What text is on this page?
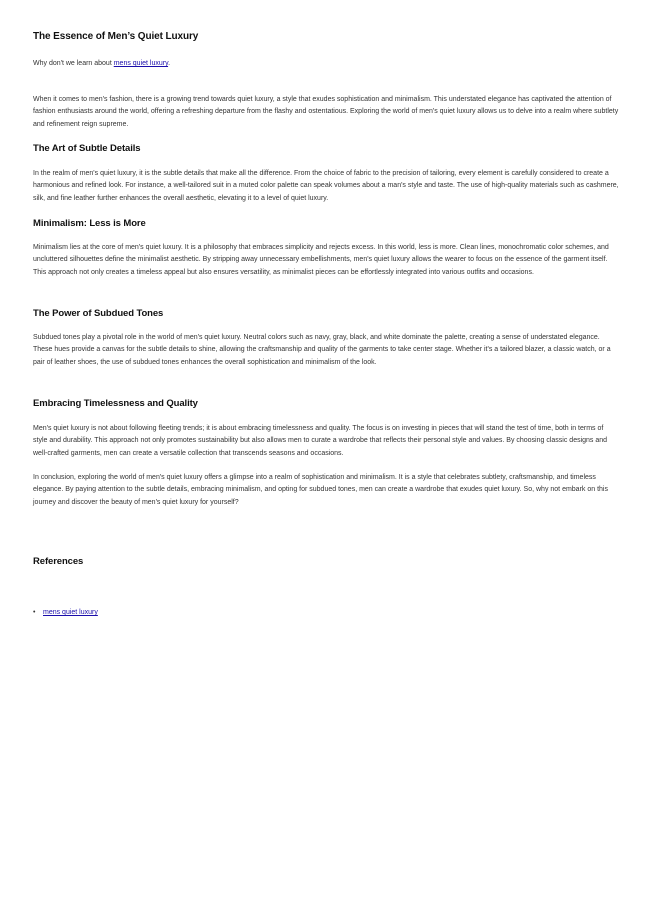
The Essence of Men’s Quiet Luxury

Why don't we learn about mens quiet luxury.

When it comes to men's fashion, there is a growing trend towards quiet luxury, a style that exudes sophistication and minimalism. This understated elegance has captivated the attention of fashion enthusiasts around the world, offering a refreshing departure from the flashy and ostentatious. Exploring the world of men's quiet luxury allows us to delve into a realm where subtlety and refinement reign supreme.

The Art of Subtle Details

In the realm of men's quiet luxury, it is the subtle details that make all the difference. From the choice of fabric to the precision of tailoring, every element is carefully considered to create a harmonious and refined look. For instance, a well-tailored suit in a muted color palette can speak volumes about a man's style and taste. The use of high-quality materials such as cashmere, silk, and fine leather further enhances the overall aesthetic, elevating it to a level of quiet luxury.

Minimalism: Less is More

Minimalism lies at the core of men's quiet luxury. It is a philosophy that embraces simplicity and rejects excess. In this world, less is more. Clean lines, monochromatic color schemes, and uncluttered silhouettes define the minimalist aesthetic. By stripping away unnecessary embellishments, men's quiet luxury allows the wearer to focus on the essence of the garment itself. This approach not only creates a timeless appeal but also ensures versatility, as minimalist pieces can be effortlessly integrated into various outfits and occasions.

The Power of Subdued Tones

Subdued tones play a pivotal role in the world of men's quiet luxury. Neutral colors such as navy, gray, black, and white dominate the palette, creating a sense of understated elegance. These hues provide a canvas for the subtle details to shine, allowing the craftsmanship and quality of the garments to take center stage. Whether it's a tailored blazer, a classic watch, or a pair of leather shoes, the use of subdued tones enhances the overall sophistication and minimalism of the look.

Embracing Timelessness and Quality

Men's quiet luxury is not about following fleeting trends; it is about embracing timelessness and quality. The focus is on investing in pieces that will stand the test of time, both in terms of style and durability. This approach not only promotes sustainability but also allows men to curate a wardrobe that reflects their personal style and values. By choosing classic designs and well-crafted garments, men can create a versatile collection that transcends seasons and occasions.

In conclusion, exploring the world of men's quiet luxury offers a glimpse into a realm of sophistication and minimalism. It is a style that celebrates subtlety, craftsmanship, and timeless elegance. By paying attention to the subtle details, embracing minimalism, and opting for subdued tones, men can create a wardrobe that exudes quiet luxury. So, why not embark on this journey and discover the beauty of men's quiet luxury for yourself?

References
• mens quiet luxury
